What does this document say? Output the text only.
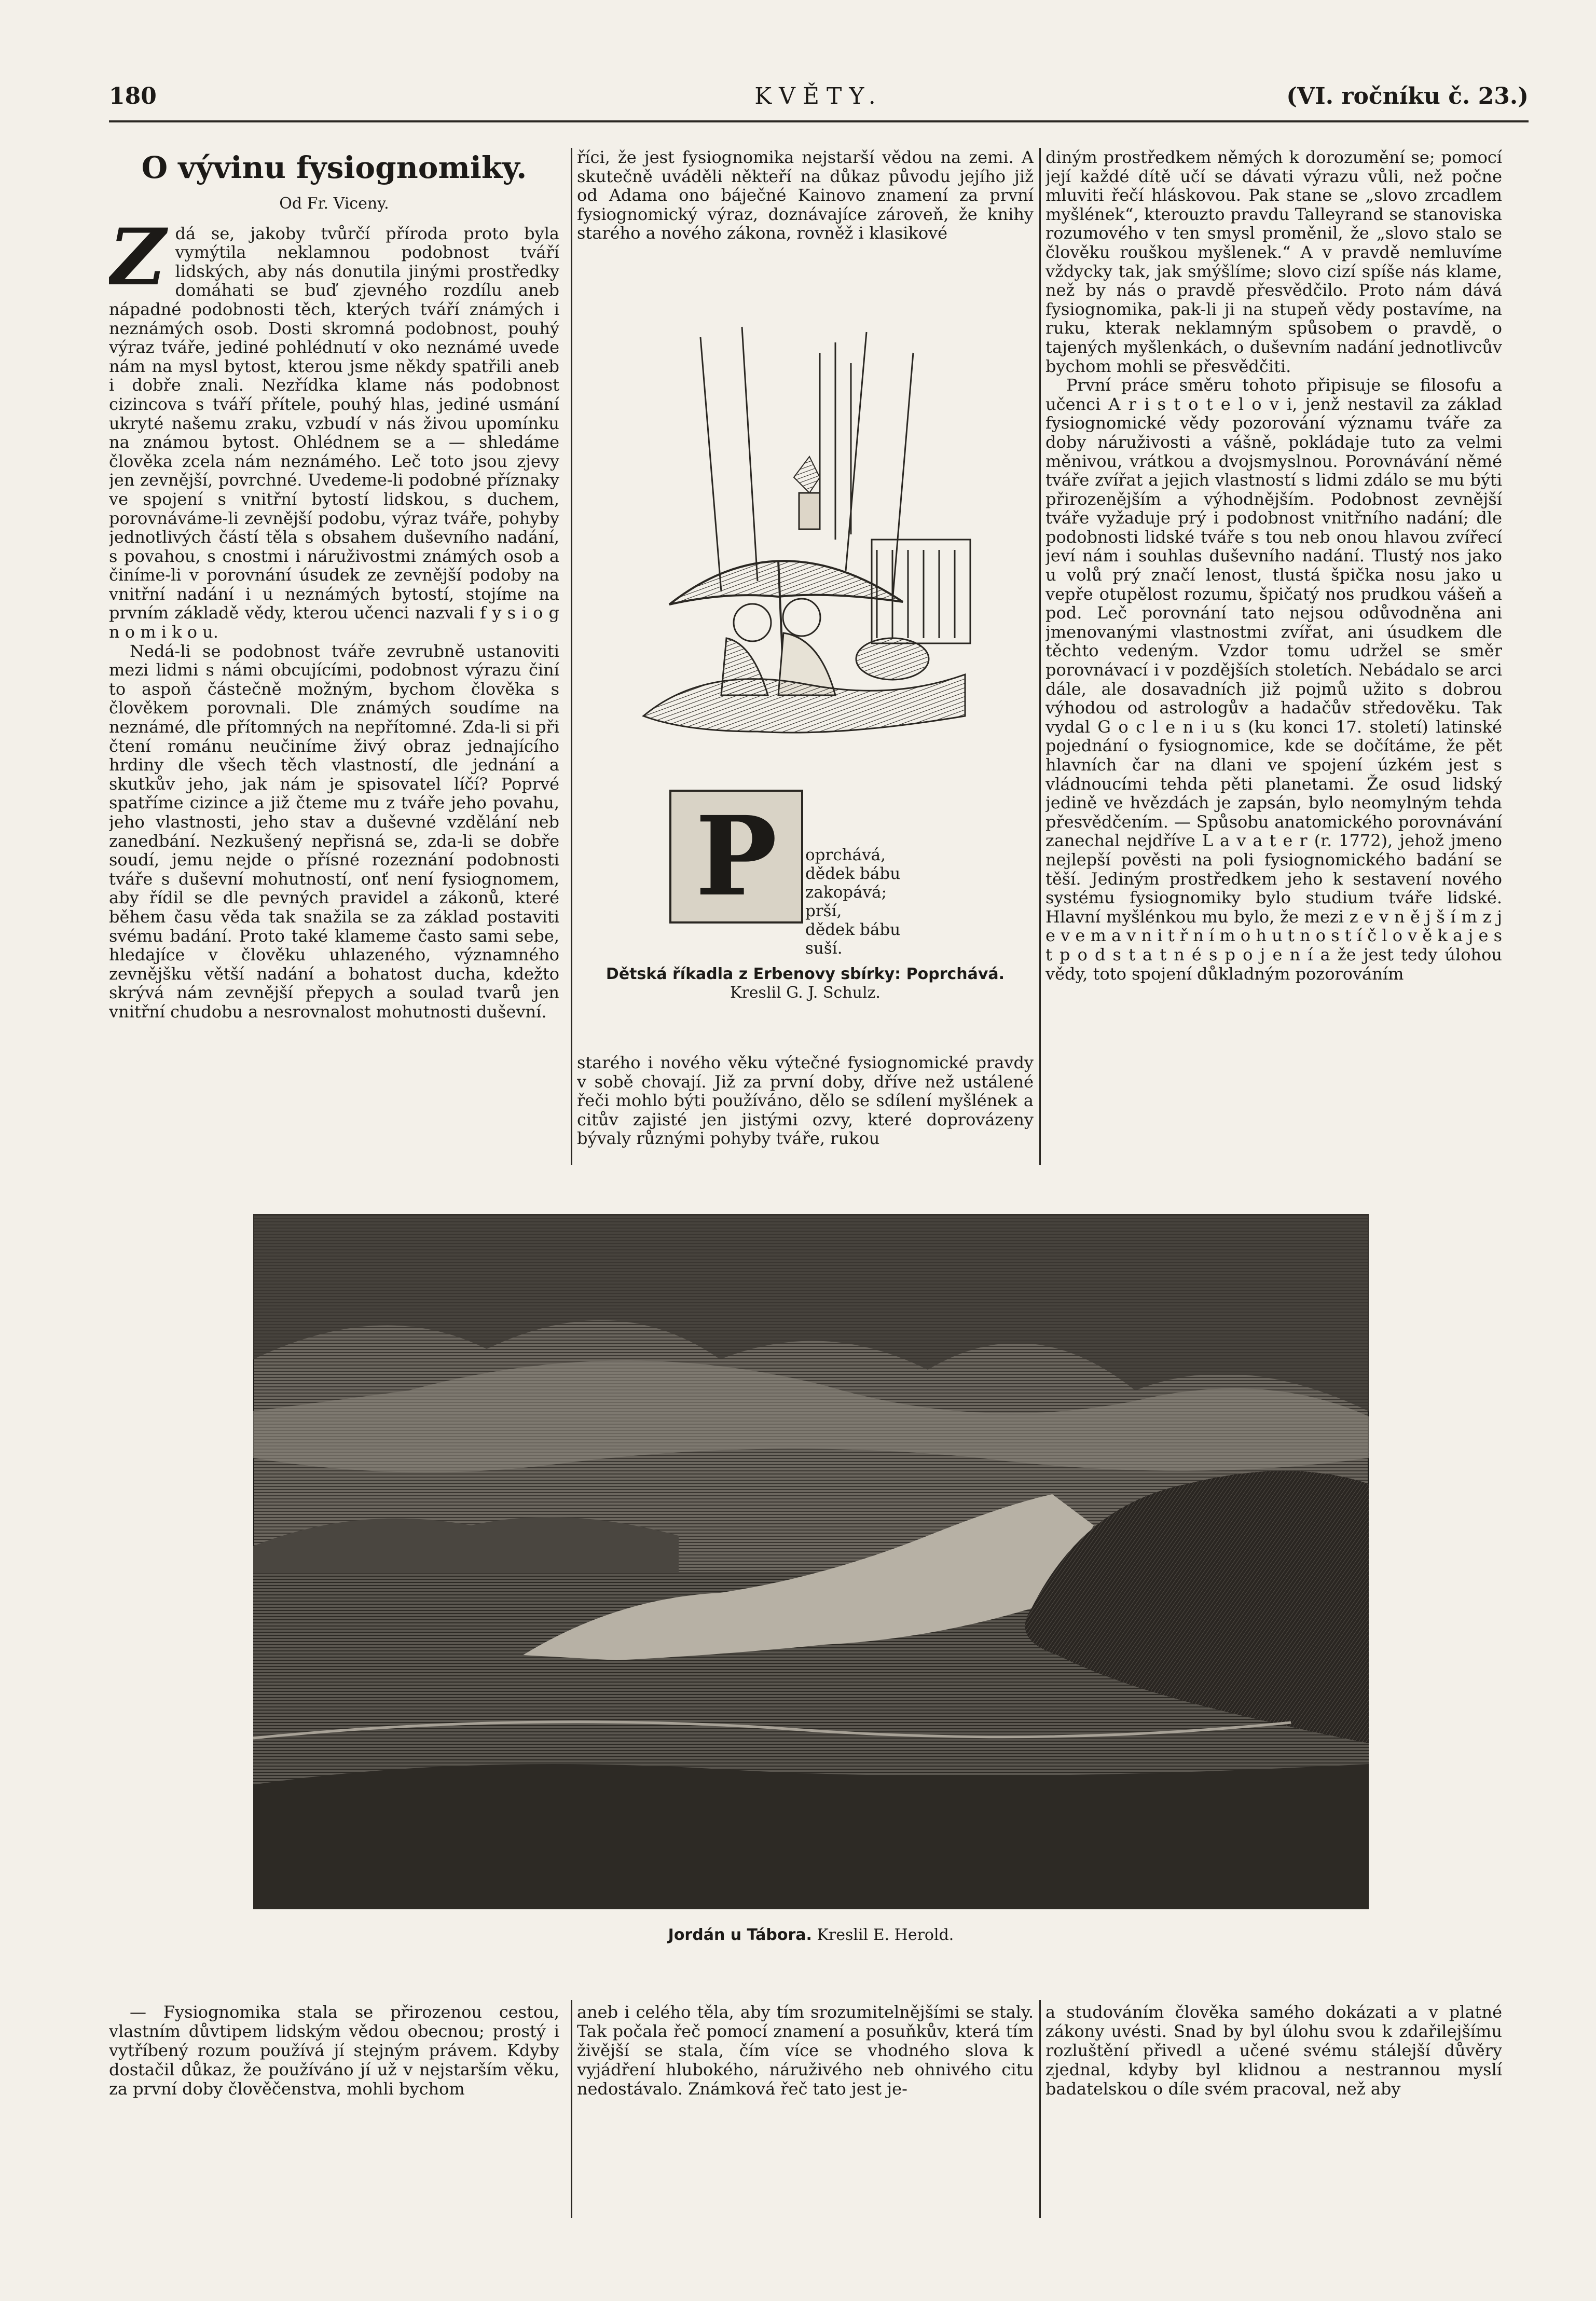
180	KVĚTY.	(VI. ročníku č. 23.)
O vývinu fysiognomiky.
Od Fr. Viceny.
Z dá se, jakoby tvůrčí příroda proto byla vymýtila neklamnou podobnost tváří lidských, aby nás donutila jinými prostředky domáhati se buď zjevného rozdílu aneb nápadné podobnosti těch, kterých tváří známých i neznámých osob. Dosti skromná podobnost, pouhý výraz tváře, jediné pohlédnutí v oko neznámé uvede nám na mysl bytost, kterou jsme někdy spatřili aneb i dobře znali. Nezřídka klame nás podobnost cizincova s tváří přítele, pouhý hlas, jediné usmání ukryté našemu zraku, vzbudí v nás živou upomínku na známou bytost. Ohlédnem se a — shledáme člověka zcela nám neznámého. Leč toto jsou zjevy jen zevnější, povrchné. Uvedeme-li podobné příznaky ve spojení s vnitřní bytostí lidskou, s duchem, porovnáváme-li zevnější podobu, výraz tváře, pohyby jednotlivých částí těla s obsahem duševního nadání, s povahou, s cnostmi i náruživostmi známých osob a činíme-li v porovnání úsudek ze zevnější podoby na vnitřní nadání i u neznámých bytostí, stojíme na prvním základě vědy, kterou učenci nazvali f y s i o g n o m i k o u.

Nedá-li se podobnost tváře zevrubně ustanoviti mezi lidmi s námi obcujícími, podobnost výrazu činí to aspoň částečně možným, bychom člověka s člověkem porovnali. Dle známých soudíme na neznámé, dle přítomných na nepřítomné. Zda-li si při čtení románu neučiníme živý obraz jednajícího hrdiny dle všech těch vlastností, dle jednání a skutkův jeho, jak nám je spisovatel líčí? Poprvé spatříme cizince a již čteme mu z tváře jeho povahu, jeho vlastnosti, jeho stav a duševné vzdělání neb zanedbání. Nezkušený nepřisná se, zda-li se dobře soudí, jemu nejde o přísné rozeznání podobnosti tváře s duševní mohutností, onť není fysiognomem, aby řídil se dle pevných pravidel a zákonů, které během času věda tak snažila se za základ postaviti svému badání. Proto také klameme často sami sebe, hledajíce v člověku uhlazeného, významného zevnějšku větší nadání a bohatost ducha, kdežto skrývá nám zevnější přepych a soulad tvarů jen vnitřní chudobu a nesrovnalost mohutnosti duševní.

říci, že jest fysiognomika nejstarší vědou na zemi. A skutečně uváděli někteří na důkaz původu jejího již od Adama ono báječné Kainovo znamení za první fysiognomický výraz, doznávajíce zároveň, že knihy starého a nového zákona, rovněž i klasikové

P	oprchává,

dědek bábu

zakopává;

prší,

dědek bábu

suší.

Dětská říkadla z Erbenovy sbírky: Poprchává.
Kreslil G. J. Schulz.

starého i nového věku výtečné fysiognomické pravdy v sobě chovají. Již za první doby, dříve než ustálené řeči mohlo býti používáno, dělo se sdílení myšlének a citův zajisté jen jistými ozvy, které doprovázeny bývaly různými pohyby tváře, rukou

diným prostředkem němých k dorozumění se; pomocí její každé dítě učí se dávati výrazu vůli, než počne mluviti řečí hláskovou. Pak stane se „slovo zrcadlem myšlének“, kterouzto pravdu Talleyrand se stanoviska rozumového v ten smysl proměnil, že „slovo stalo se člověku rouškou myšlenek.“ A v pravdě nemluvíme vždycky tak, jak smýšlíme; slovo cizí spíše nás klame, než by nás o pravdě přesvědčilo. Proto nám dává fysiognomika, pak-li ji na stupeň vědy postavíme, na ruku, kterak neklamným spůsobem o pravdě, o tajených myšlenkách, o duševním nadání jednotlivcův bychom mohli se přesvědčiti.

První práce směru tohoto připisuje se filosofu a učenci A r i s t o t e l o v i, jenž nestavil za základ fysiognomické vědy pozorování významu tváře za doby náruživosti a vášně, pokládaje tuto za velmi měnivou, vrátkou a dvojsmyslnou. Porovnávání němé tváře zvířat a jejich vlastností s lidmi zdálo se mu býti přirozenějším a výhodnějším. Podobnost zevnější tváře vyžaduje prý i podobnost vnitřního nadání; dle podobnosti lidské tváře s tou neb onou hlavou zvířecí jeví nám i souhlas duševního nadání. Tlustý nos jako u volů prý značí lenost, tlustá špička nosu jako u vepře otupělost rozumu, špičatý nos prudkou vášeň a pod. Leč porovnání tato nejsou odůvodněna ani jmenovanými vlastnostmi zvířat, ani úsudkem dle těchto vedeným. Vzdor tomu udržel se směr porovnávací i v pozdějších stoletích. Nebádalo se arci dále, ale dosavadních již pojmů užito s dobrou výhodou od astrologův a hadačův středověku. Tak vydal G o c l e n i u s (ku konci 17. století) latinské pojednání o fysiognomice, kde se dočítáme, že pět hlavních čar na dlani ve spojení úzkém jest s vládnoucími tehda pěti planetami. Že osud lidský jedině ve hvězdách je zapsán, bylo neomylným tehda přesvědčením. — Spůsobu anatomického porovnávání zanechal nejdříve L a v a t e r (r. 1772), jehož jmeno nejlepší pověsti na poli fysiognomického badání se těší. Jediným prostředkem jeho k sestavení nového systému fysiognomiky bylo studium tváře lidské. Hlavní myšlénkou mu bylo, že mezi z e v n ě j š í m z j e v e m a v n i t ř n í m o h u t n o s t í č l o v ě k a j e s t p o d s t a t n é s p o j e n í a že jest tedy úlohou vědy, toto spojení důkladným pozorováním

Jordán u Tábora. Kreslil E. Herold.

— Fysiognomika stala se přirozenou cestou, vlastním důvtipem lidským vědou obecnou; prostý i vytříbený rozum používá jí stejným právem. Kdyby dostačil důkaz, že používáno jí už v nejstarším věku, za první doby člověčenstva, mohli bychom

aneb i celého těla, aby tím srozumitelnějšími se staly. Tak počala řeč pomocí znamení a posuňkův, která tím živější se stala, čím více se vhodného slova k vyjádření hlubokého, náruživého neb ohnivého citu nedostávalo. Známková řeč tato jest je-

a studováním člověka samého dokázati a v platné zákony uvésti. Snad by byl úlohu svou k zdařilejšímu rozluštění přivedl a učené svému stálejší důvěry zjednal, kdyby byl klidnou a nestrannou myslí badatelskou o díle svém pracoval, než aby
